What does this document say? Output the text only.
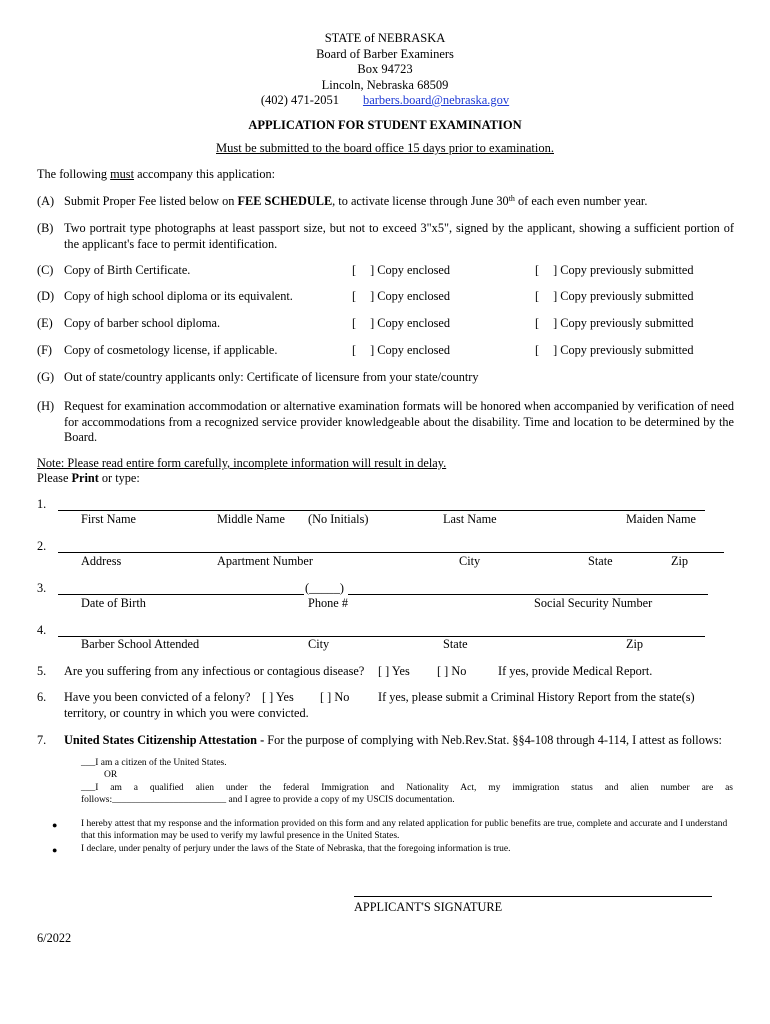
STATE of NEBRASKA
Board of Barber Examiners
Box 94723
Lincoln, Nebraska 68509
(402) 471-2051 barbers.board@nebraska.gov
APPLICATION FOR STUDENT EXAMINATION
Must be submitted to the board office 15 days prior to examination.
The following must accompany this application:
(A) Submit Proper Fee listed below on FEE SCHEDULE, to activate license through June 30th of each even number year.
(B) Two portrait type photographs at least passport size, but not to exceed 3"x5", signed by the applicant, showing a sufficient portion of the applicant's face to permit identification.
(C) Copy of Birth Certificate.	[ ] Copy enclosed	[ ] Copy previously submitted
(D) Copy of high school diploma or its equivalent.	[ ] Copy enclosed	[ ] Copy previously submitted
(E) Copy of barber school diploma.	[ ] Copy enclosed	[ ] Copy previously submitted
(F) Copy of cosmetology license, if applicable.	[ ] Copy enclosed	[ ] Copy previously submitted
(G) Out of state/country applicants only: Certificate of licensure from your state/country
(H) Request for examination accommodation or alternative examination formats will be honored when accompanied by verification of need for accommodations from a recognized service provider knowledgeable about the disability. Time and location to be determined by the Board.
Note: Please read entire form carefully, incomplete information will result in delay.
Please Print or type:
1.
First Name	Middle Name (No Initials)	Last Name	Maiden Name
2.
Address	Apartment Number	City	State	Zip
3.	(_____)
Date of Birth	Phone #	Social Security Number
4.
Barber School Attended	City	State	Zip
5. Are you suffering from any infectious or contagious disease? [ ] Yes [ ] No	If yes, provide Medical Report.
6. Have you been convicted of a felony? [ ] Yes [ ] No If yes, please submit a Criminal History Report from the state(s)
territory, or country in which you were convicted.
7. United States Citizenship Attestation - For the purpose of complying with Neb.Rev.Stat. §§4-108 through 4-114, I attest as follows:
___I am a citizen of the United States.
OR
___I am a qualified alien under the federal Immigration and Nationality Act, my immigration status and alien number are as
follows:________________________ and I agree to provide a copy of my USCIS documentation.
● I hereby attest that my response and the information provided on this form and any related application for public benefits are true, complete and accurate and I understand that this information may be used to verify my lawful presence in the United States.
● I declare, under penalty of perjury under the laws of the State of Nebraska, that the foregoing information is true.
APPLICANT'S SIGNATURE
6/2022
